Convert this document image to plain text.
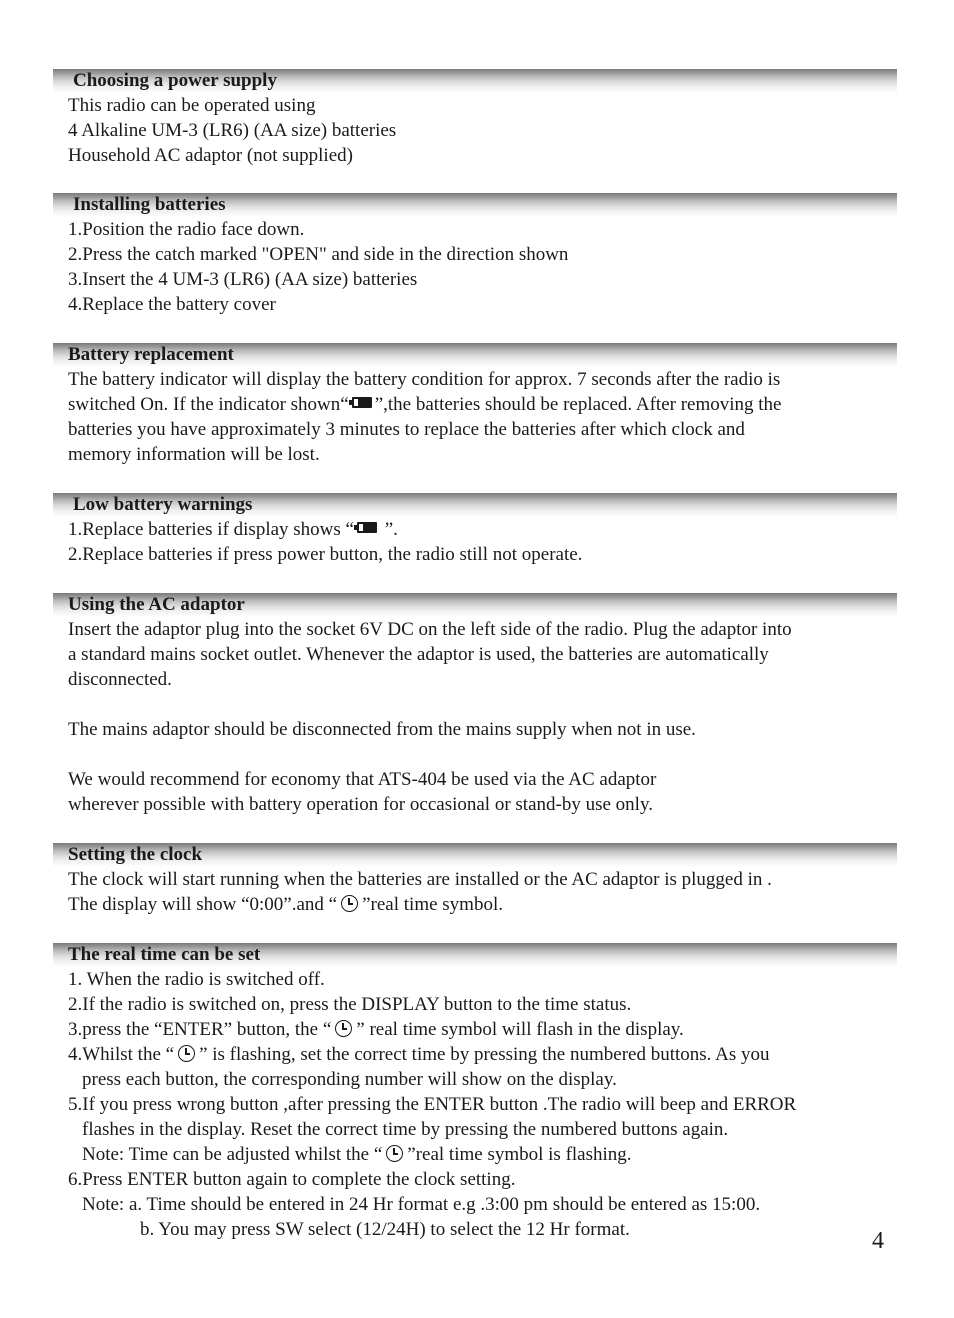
Choosing a power supply
This radio can be operated using
4 Alkaline UM-3 (LR6) (AA size) batteries
Household AC adaptor (not supplied)
Installing batteries
1.Position the radio face down.
2.Press the catch marked "OPEN" and side in the direction shown
3.Insert the 4 UM-3 (LR6) (AA size) batteries
4.Replace the battery cover
Battery replacement
The battery indicator will display the battery condition for approx. 7 seconds after the radio is
switched On. If the indicator shown“ ”,the batteries should be replaced. After removing the
batteries you have approximately 3 minutes to replace the batteries after which clock and
memory information will be lost.
Low battery warnings
1.Replace batteries if display shows “ ”.
2.Replace batteries if press power button, the radio still not operate.
Using the AC adaptor
Insert the adaptor plug into the socket 6V DC on the left side of the radio. Plug the adaptor into
a standard mains socket outlet. Whenever the adaptor is used, the batteries are automatically
disconnected.
The mains adaptor should be disconnected from the mains supply when not in use.
We would recommend for economy that ATS-404 be used via the AC adaptor
wherever possible with battery operation for occasional or stand-by use only.
Setting the clock
The clock will start running when the batteries are installed or the AC adaptor is plugged in .
The display will show “0:00”.and “ ”real time symbol.
The real time can be set
1. When the radio is switched off.
2.If the radio is switched on, press the DISPLAY button to the time status.
3.press the “ENTER” button, the “ ” real time symbol will flash in the display.
4.Whilst the “ ” is flashing, set the correct time by pressing the numbered buttons. As you
press each button, the corresponding number will show on the display.
5.If you press wrong button ,after pressing the ENTER button .The radio will beep and ERROR
flashes in the display. Reset the correct time by pressing the numbered buttons again.
Note: Time can be adjusted whilst the “ ”real time symbol is flashing.
6.Press ENTER button again to complete the clock setting.
Note: a. Time should be entered in 24 Hr format e.g .3:00 pm should be entered as 15:00.
b. You may press SW select (12/24H) to select the 12 Hr format.	4
